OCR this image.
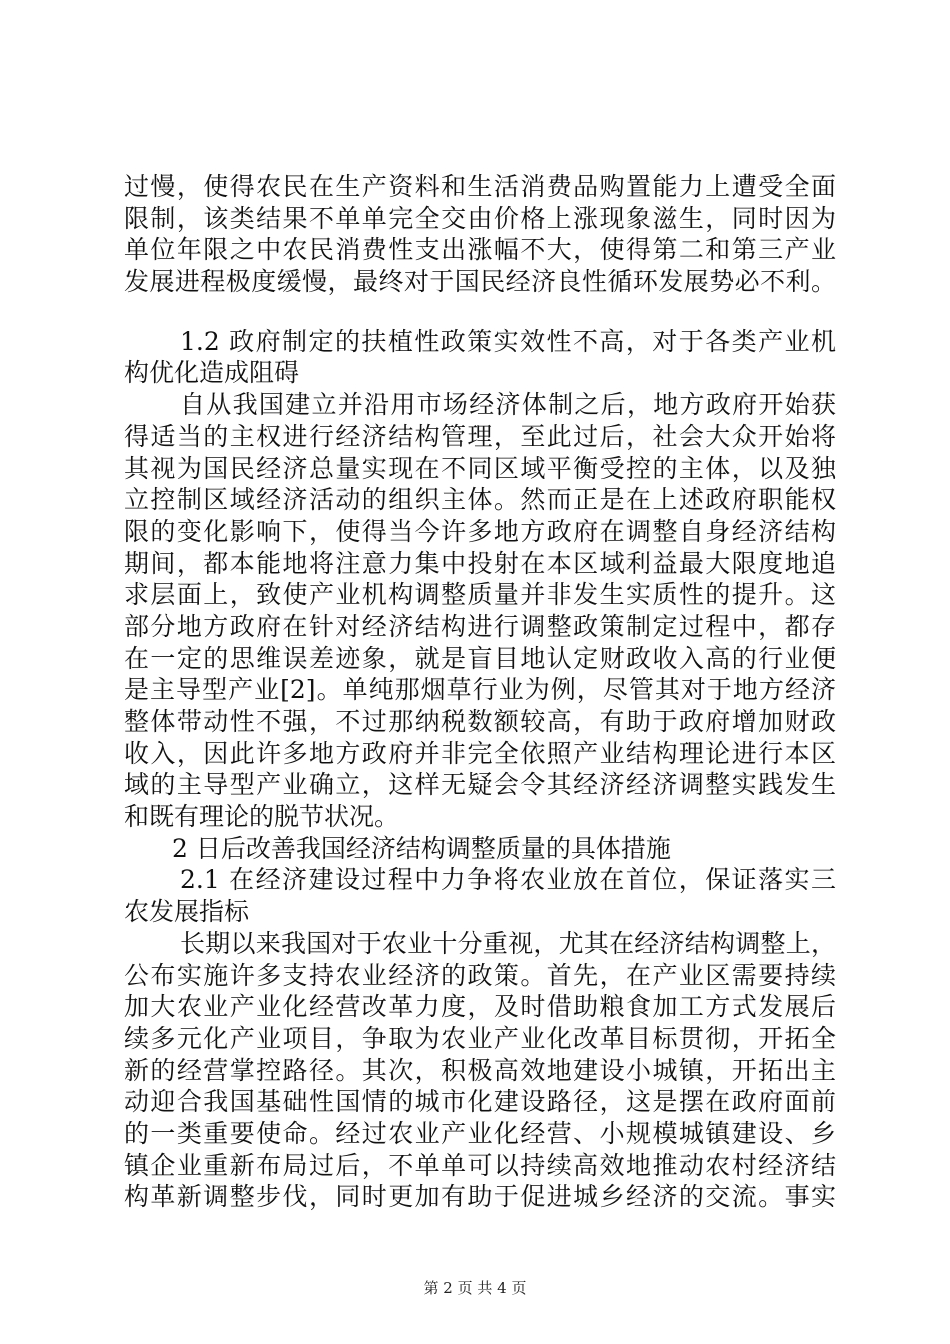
过慢，使得农民在生产资料和生活消费品购置能力上遭受全面
限制，该类结果不单单完全交由价格上涨现象滋生，同时因为
单位年限之中农民消费性支出涨幅不大，使得第二和第三产业
发展进程极度缓慢，最终对于国民经济良性循环发展势必不利。
1.2 政府制定的扶植性政策实效性不高，对于各类产业机
构优化造成阻碍
自从我国建立并沿用市场经济体制之后，地方政府开始获
得适当的主权进行经济结构管理，至此过后，社会大众开始将
其视为国民经济总量实现在不同区域平衡受控的主体，以及独
立控制区域经济活动的组织主体。然而正是在上述政府职能权
限的变化影响下，使得当今许多地方政府在调整自身经济结构
期间，都本能地将注意力集中投射在本区域利益最大限度地追
求层面上，致使产业机构调整质量并非发生实质性的提升。这
部分地方政府在针对经济结构进行调整政策制定过程中，都存
在一定的思维误差迹象，就是盲目地认定财政收入高的行业便
是主导型产业[2]。单纯那烟草行业为例，尽管其对于地方经济
整体带动性不强，不过那纳税数额较高，有助于政府增加财政
收入，因此许多地方政府并非完全依照产业结构理论进行本区
域的主导型产业确立，这样无疑会令其经济经济调整实践发生
和既有理论的脱节状况。
2 日后改善我国经济结构调整质量的具体措施
2.1 在经济建设过程中力争将农业放在首位，保证落实三
农发展指标
长期以来我国对于农业十分重视，尤其在经济结构调整上，
公布实施许多支持农业经济的政策。首先，在产业区需要持续
加大农业产业化经营改革力度，及时借助粮食加工方式发展后
续多元化产业项目，争取为农业产业化改革目标贯彻，开拓全
新的经营掌控路径。其次，积极高效地建设小城镇，开拓出主
动迎合我国基础性国情的城市化建设路径，这是摆在政府面前
的一类重要使命。经过农业产业化经营、小规模城镇建设、乡
镇企业重新布局过后，不单单可以持续高效地推动农村经济结
构革新调整步伐，同时更加有助于促进城乡经济的交流。事实
第 2 页 共 4 页
